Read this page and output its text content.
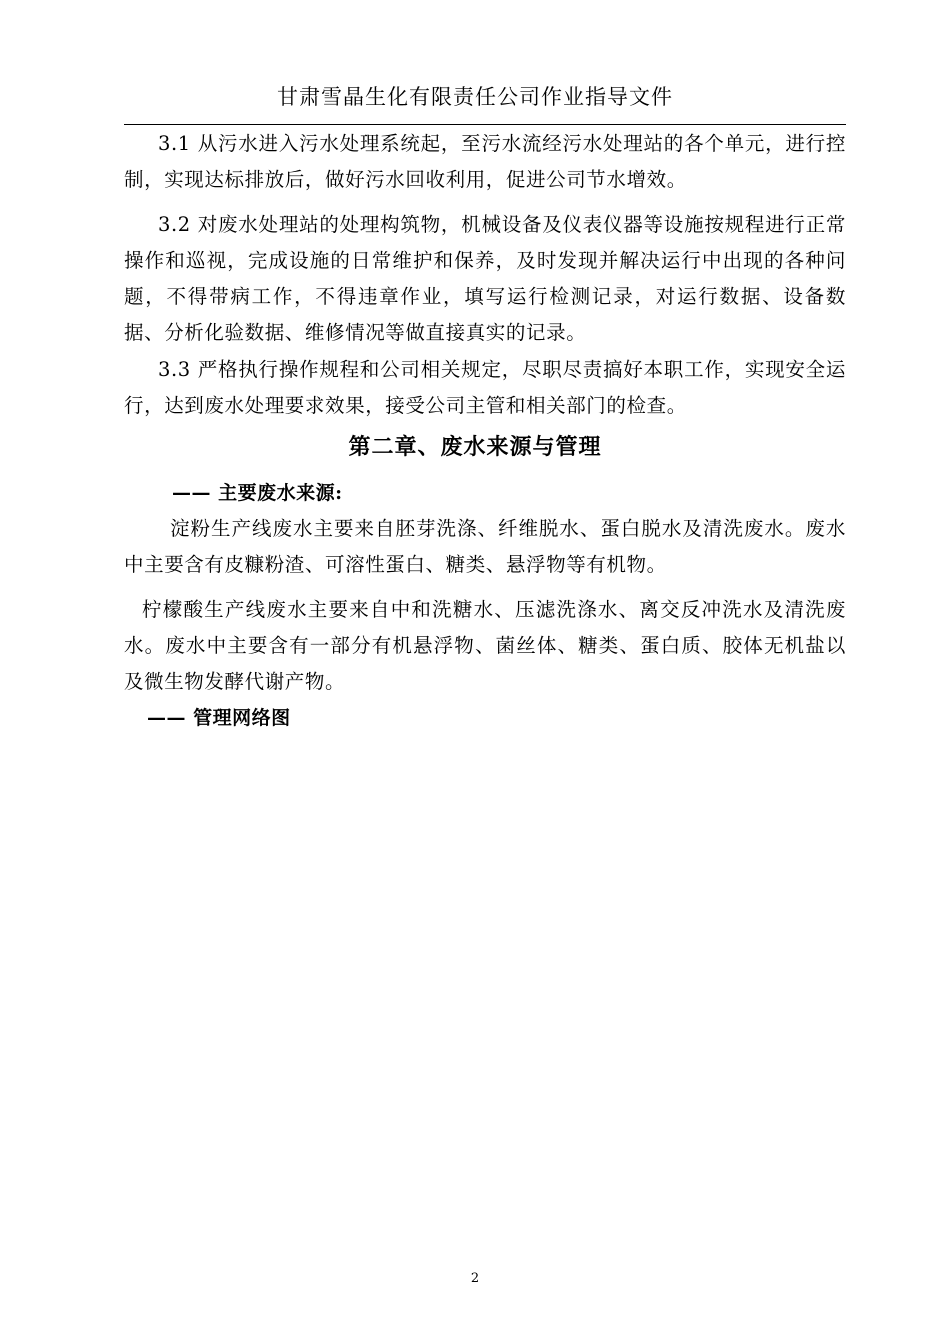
甘肃雪晶生化有限责任公司作业指导文件
3.1 从污水进入污水处理系统起，至污水流经污水处理站的各个单元，进行控制，实现达标排放后，做好污水回收利用，促进公司节水增效。
3.2 对废水处理站的处理构筑物，机械设备及仪表仪器等设施按规程进行正常操作和巡视，完成设施的日常维护和保养，及时发现并解决运行中出现的各种问题，不得带病工作，不得违章作业，填写运行检测记录，对运行数据、设备数据、分析化验数据、维修情况等做直接真实的记录。
3.3 严格执行操作规程和公司相关规定，尽职尽责搞好本职工作，实现安全运行，达到废水处理要求效果，接受公司主管和相关部门的检查。
第二章、废水来源与管理
—— 主要废水来源:
淀粉生产线废水主要来自胚芽洗涤、纤维脱水、蛋白脱水及清洗废水。废水中主要含有皮糠粉渣、可溶性蛋白、糖类、悬浮物等有机物。
柠檬酸生产线废水主要来自中和洗糖水、压滤洗涤水、离交反冲洗水及清洗废水。废水中主要含有一部分有机悬浮物、菌丝体、糖类、蛋白质、胶体无机盐以及微生物发酵代谢产物。
—— 管理网络图
2
